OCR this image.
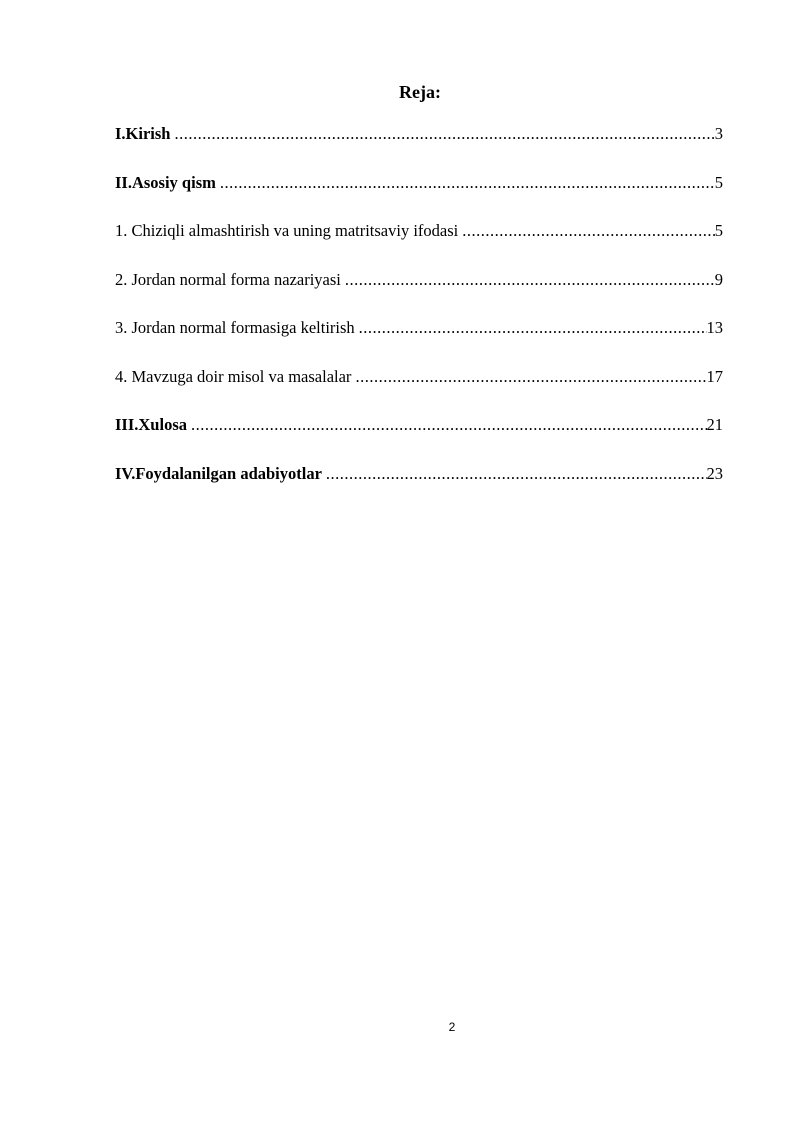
Reja:
I.Kirish .....	3
II.Asosiy qism .....	5
1. Chiziqli almashtirish va uning matritsaviy ifodasi .....	5
2. Jordan normal forma nazariyasi .....	9
3. Jordan normal formasiga keltirish .....	13
4. Mavzuga doir misol va masalalar .....	17
III.Xulosa .....	21
IV.Foydalanilgan adabiyotlar .....	23
2
